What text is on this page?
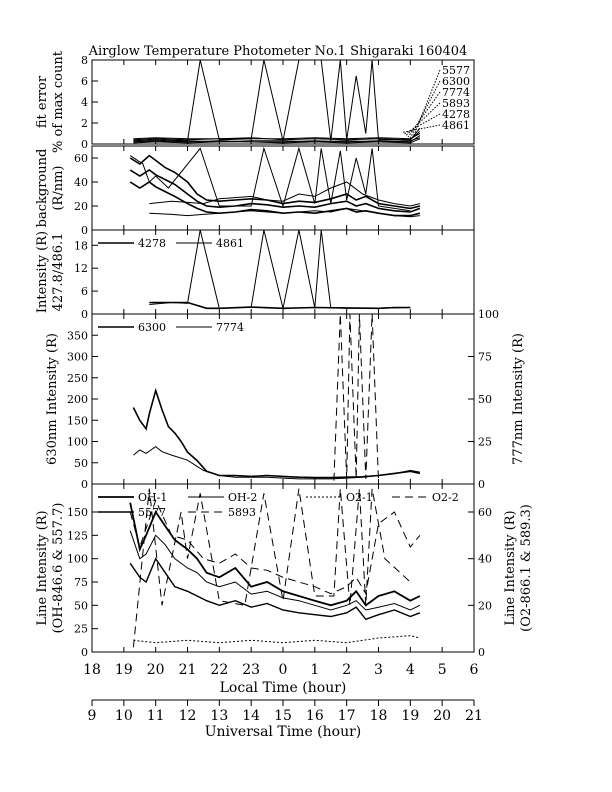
Airglow Temperature Photometer No.1 Shigaraki 160404
0
2
4
6
8
fit error % of max count	5577
6300
7774
5893
4278
4861
0
20
40
60
background (R/nm)
0
6
12
18
Intensity (R) 427.8/486.1	4278	4861
0
50
100
150
200
250
300
350
0
25
50
75
100
630nm Intensity (R)	777nm Intensity (R)
6300	7774
0
25
50
75
100
125
150
0
20
40
60
Line Intensity (R) (OH-846.6 & 557.7)	Line Intensity (R) (O2-866.1 & 589.3)
OH-1	OH-2	O2-1	O2-2
5577	5893
18 19 20 21 22 23 0 1 2 3 4 5 6
Local Time (hour)
9 10 11 12 13 14 15 16 17 18 19 20 21
Universal Time (hour)
